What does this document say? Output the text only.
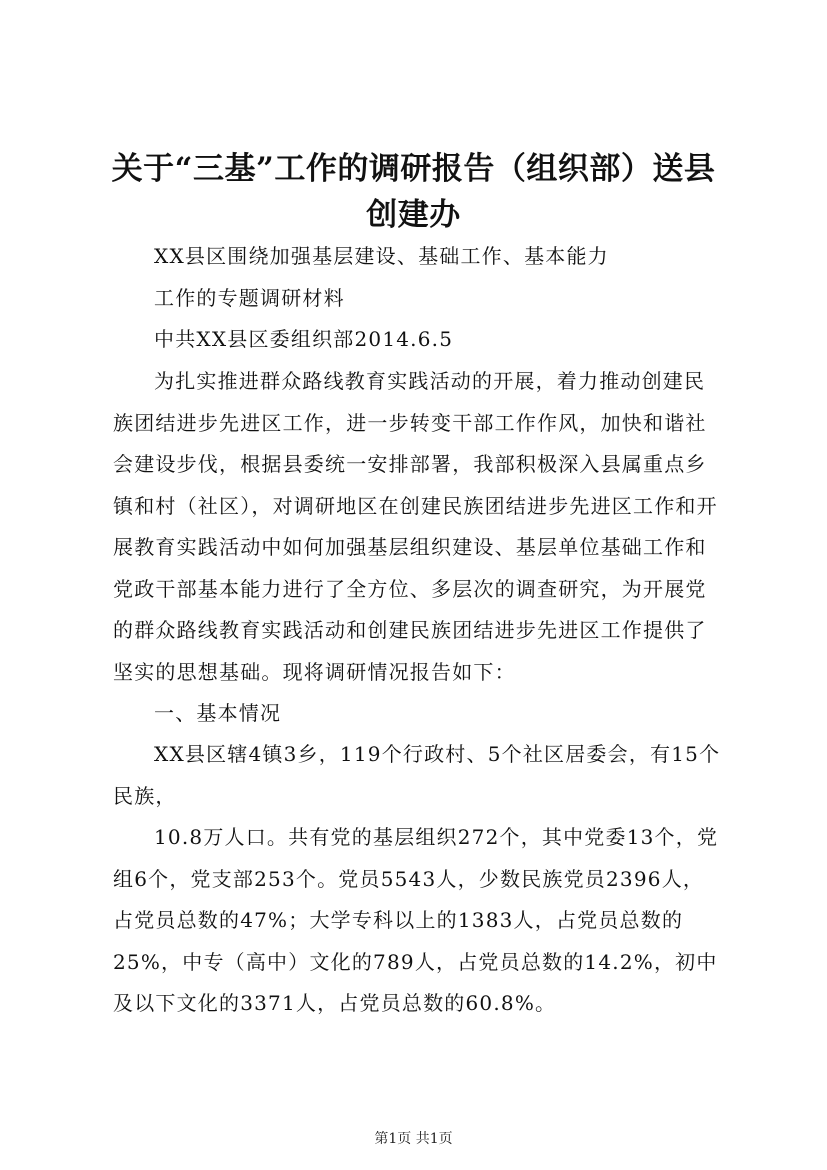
关于“三基”工作的调研报告（组织部）送县
创建办

XX县区围绕加强基层建设、基础工作、基本能力

工作的专题调研材料

中共XX县区委组织部2014.6.5

为扎实推进群众路线教育实践活动的开展，着力推动创建民族团结进步先进区工作，进一步转变干部工作作风，加快和谐社会建设步伐，根据县委统一安排部署，我部积极深入县属重点乡镇和村（社区），对调研地区在创建民族团结进步先进区工作和开展教育实践活动中如何加强基层组织建设、基层单位基础工作和党政干部基本能力进行了全方位、多层次的调查研究，为开展党的群众路线教育实践活动和创建民族团结进步先进区工作提供了坚实的思想基础。现将调研情况报告如下：

一、基本情况

XX县区辖4镇3乡，119个行政村、5个社区居委会，有15个民族，

10.8万人口。共有党的基层组织272个，其中党委13个，党组6个，党支部253个。党员5543人，少数民族党员2396人，占党员总数的47%；大学专科以上的1383人，占党员总数的25%，中专（高中）文化的789人，占党员总数的14.2%，初中及以下文化的3371人，占党员总数的60.8%。

第1页 共1页
